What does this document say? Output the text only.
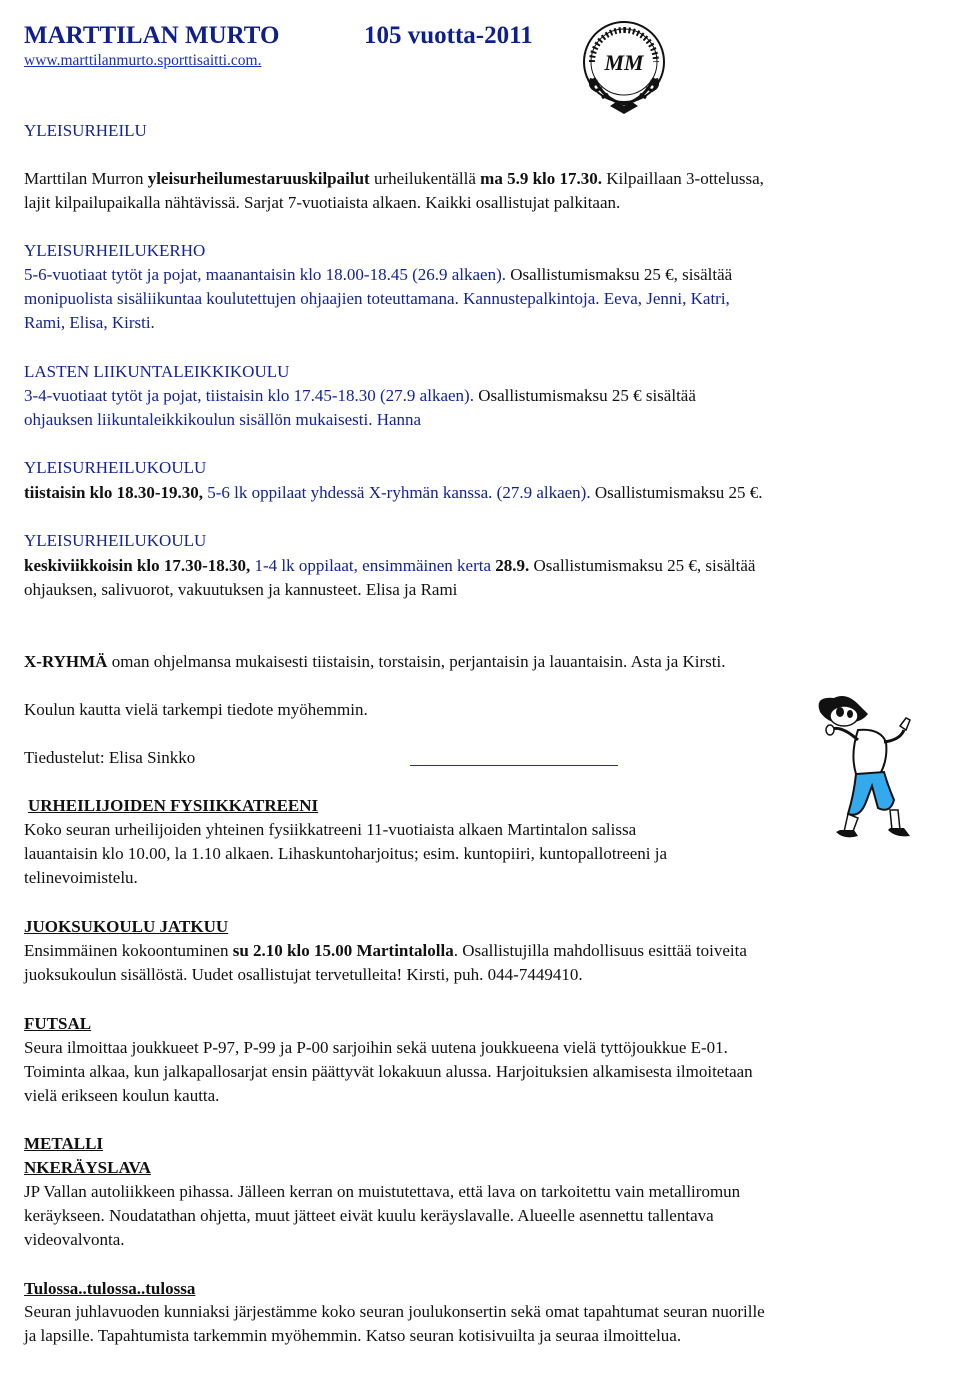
MARTTILAN MURTO	105 vuotta-2011
www.marttilanmurto.sporttisaitti.com.	MM
YLEISURHEILU
Marttilan Murron yleisurheilumestaruuskilpailut urheilukentällä ma 5.9 klo 17.30. Kilpaillaan 3-ottelussa,
lajit kilpailupaikalla nähtävissä. Sarjat 7-vuotiaista alkaen. Kaikki osallistujat palkitaan.
YLEISURHEILUKERHO
5-6-vuotiaat tytöt ja pojat, maanantaisin klo 18.00-18.45 (26.9 alkaen). Osallistumismaksu 25 €, sisältää
monipuolista sisäliikuntaa koulutettujen ohjaajien toteuttamana. Kannustepalkintoja. Eeva, Jenni, Katri,
Rami, Elisa, Kirsti.
LASTEN LIIKUNTALEIKKIKOULU
3-4-vuotiaat tytöt ja pojat, tiistaisin klo 17.45-18.30 (27.9 alkaen). Osallistumismaksu 25 € sisältää
ohjauksen liikuntaleikkikoulun sisällön mukaisesti. Hanna
YLEISURHEILUKOULU
tiistaisin klo 18.30-19.30, 5-6 lk oppilaat yhdessä X-ryhmän kanssa. (27.9 alkaen). Osallistumismaksu 25 €.
YLEISURHEILUKOULU
keskiviikkoisin klo 17.30-18.30, 1-4 lk oppilaat, ensimmäinen kerta 28.9. Osallistumismaksu 25 €, sisältää
ohjauksen, salivuorot, vakuutuksen ja kannusteet. Elisa ja Rami
X-RYHMÄ oman ohjelmansa mukaisesti tiistaisin, torstaisin, perjantaisin ja lauantaisin. Asta ja Kirsti.
Koulun kautta vielä tarkempi tiedote myöhemmin.
Tiedustelut: Elisa Sinkko
URHEILIJOIDEN FYSIIKKATREENI
Koko seuran urheilijoiden yhteinen fysiikkatreeni 11-vuotiaista alkaen Martintalon salissa
lauantaisin klo 10.00, la 1.10 alkaen. Lihaskuntoharjoitus; esim. kuntopiiri, kuntopallotreeni ja
telinevoimistelu.
JUOKSUKOULU JATKUU
Ensimmäinen kokoontuminen su 2.10 klo 15.00 Martintalolla. Osallistujilla mahdollisuus esittää toiveita
juoksukoulun sisällöstä. Uudet osallistujat tervetulleita! Kirsti, puh. 044-7449410.
FUTSAL
Seura ilmoittaa joukkueet P-97, P-99 ja P-00 sarjoihin sekä uutena joukkueena vielä tyttöjoukkue E-01.
Toiminta alkaa, kun jalkapallosarjat ensin päättyvät lokakuun alussa. Harjoituksien alkamisesta ilmoitetaan
vielä erikseen koulun kautta.
METALLI
NKERÄYSLAVA
JP Vallan autoliikkeen pihassa. Jälleen kerran on muistutettava, että lava on tarkoitettu vain metalliromun
keräykseen. Noudatathan ohjetta, muut jätteet eivät kuulu keräyslavalle. Alueelle asennettu tallentava
videovalvonta.
Tulossa..tulossa..tulossa
Seuran juhlavuoden kunniaksi järjestämme koko seuran joulukonsertin sekä omat tapahtumat seuran nuorille
ja lapsille. Tapahtumista tarkemmin myöhemmin. Katso seuran kotisivuilta ja seuraa ilmoittelua.
